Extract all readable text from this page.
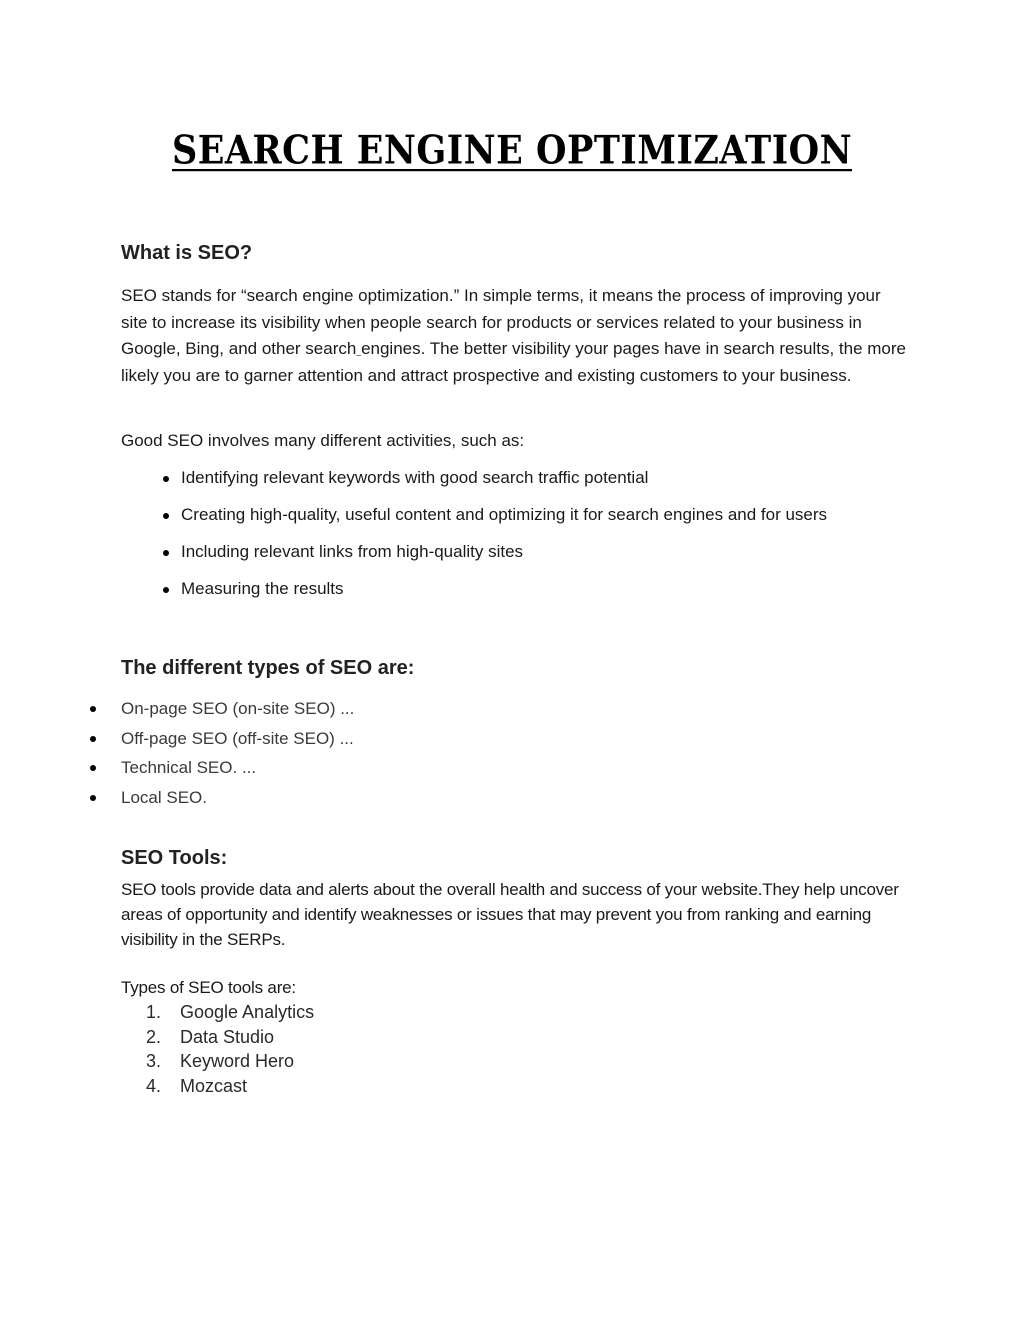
SEARCH ENGINE OPTIMIZATION
What is SEO?

SEO stands for “search engine optimization.” In simple terms, it means the process of improving your site to increase its visibility when people search for products or services related to your business in Google, Bing, and other search engines. The better visibility your pages have in search results, the more likely you are to garner attention and attract prospective and existing customers to your business.

Good SEO involves many different activities, such as:

Identifying relevant keywords with good search traffic potential
Creating high-quality, useful content and optimizing it for search engines and for users
Including relevant links from high-quality sites
Measuring the results
The different types of SEO are:
On-page SEO (on-site SEO) ...
Off-page SEO (off-site SEO) ...
Technical SEO. ...
Local SEO.
SEO Tools:

SEO tools provide data and alerts about the overall health and success of your website.They help uncover areas of opportunity and identify weaknesses or issues that may prevent you from ranking and earning visibility in the SERPs.

Types of SEO tools are:

1. Google Analytics
2. Data Studio
3. Keyword Hero
4. Mozcast
